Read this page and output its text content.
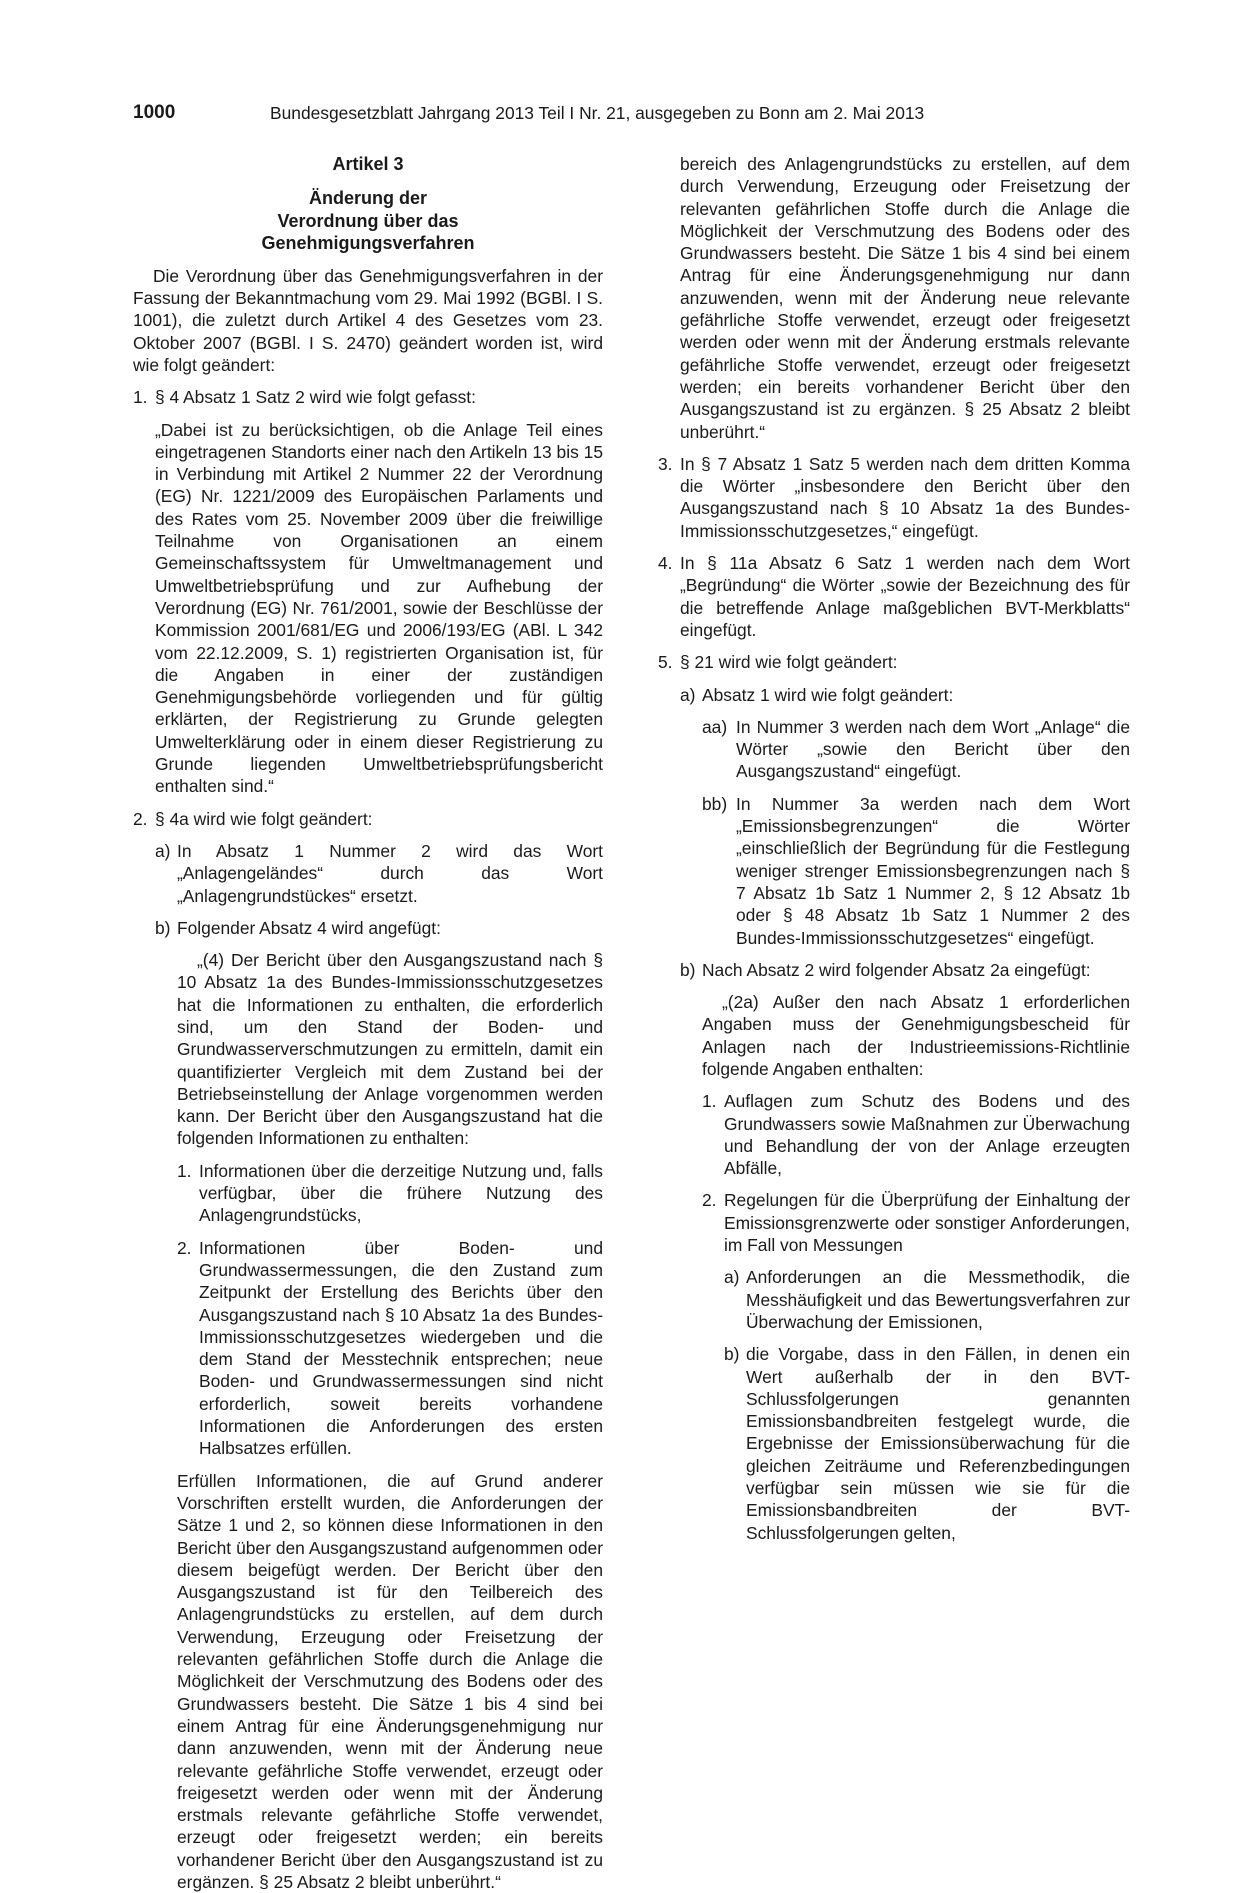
1000	Bundesgesetzblatt Jahrgang 2013 Teil I Nr. 21, ausgegeben zu Bonn am 2. Mai 2013

Artikel 3

Änderung der
Verordnung über das
Genehmigungsverfahren

Die Verordnung über das Genehmigungsverfahren in der Fassung der Bekanntmachung vom 29. Mai 1992 (BGBl. I S. 1001), die zuletzt durch Artikel 4 des Gesetzes vom 23. Oktober 2007 (BGBl. I S. 2470) geändert worden ist, wird wie folgt geändert:

1. § 4 Absatz 1 Satz 2 wird wie folgt gefasst:

„Dabei ist zu berücksichtigen, ob die Anlage Teil eines eingetragenen Standorts einer nach den Artikeln 13 bis 15 in Verbindung mit Artikel 2 Nummer 22 der Verordnung (EG) Nr. 1221/2009 des Europäischen Parlaments und des Rates vom 25. November 2009 über die freiwillige Teilnahme von Organisationen an einem Gemeinschaftssystem für Umweltmanagement und Umweltbetriebsprüfung und zur Aufhebung der Verordnung (EG) Nr. 761/2001, sowie der Beschlüsse der Kommission 2001/681/EG und 2006/193/EG (ABl. L 342 vom 22.12.2009, S. 1) registrierten Organisation ist, für die Angaben in einer der zuständigen Genehmigungsbehörde vorliegenden und für gültig erklärten, der Registrierung zu Grunde gelegten Umwelterklärung oder in einem dieser Registrierung zu Grunde liegenden Umweltbetriebsprüfungsbericht enthalten sind.“

2. § 4a wird wie folgt geändert:

a) In Absatz 1 Nummer 2 wird das Wort „Anlagengeländes“ durch das Wort „Anlagengrundstückes“ ersetzt.

b) Folgender Absatz 4 wird angefügt:

„(4) Der Bericht über den Ausgangszustand nach § 10 Absatz 1a des Bundes-Immissionsschutzgesetzes hat die Informationen zu enthalten, die erforderlich sind, um den Stand der Boden- und Grundwasserverschmutzungen zu ermitteln, damit ein quantifizierter Vergleich mit dem Zustand bei der Betriebseinstellung der Anlage vorgenommen werden kann. Der Bericht über den Ausgangszustand hat die folgenden Informationen zu enthalten:

1. Informationen über die derzeitige Nutzung und, falls verfügbar, über die frühere Nutzung des Anlagengrundstücks,

2. Informationen über Boden- und Grundwassermessungen, die den Zustand zum Zeitpunkt der Erstellung des Berichts über den Ausgangszustand nach § 10 Absatz 1a des Bundes-Immissionsschutzgesetzes wiedergeben und die dem Stand der Messtechnik entsprechen; neue Boden- und Grundwassermessungen sind nicht erforderlich, soweit bereits vorhandene Informationen die Anforderungen des ersten Halbsatzes erfüllen.

Erfüllen Informationen, die auf Grund anderer Vorschriften erstellt wurden, die Anforderungen der Sätze 1 und 2, so können diese Informationen in den Bericht über den Ausgangszustand aufgenommen oder diesem beigefügt werden. Der Bericht über den Ausgangszustand ist für den Teilbereich des Anlagengrundstücks zu erstellen, auf dem durch Verwendung, Erzeugung oder Freisetzung der relevanten gefährlichen Stoffe durch die Anlage die Möglichkeit der Verschmutzung des Bodens oder des Grundwassers besteht. Die Sätze 1 bis 4 sind bei einem Antrag für eine Änderungsgenehmigung nur dann anzuwenden, wenn mit der Änderung neue relevante gefährliche Stoffe verwendet, erzeugt oder freigesetzt werden oder wenn mit der Änderung erstmals relevante gefährliche Stoffe verwendet, erzeugt oder freigesetzt werden; ein bereits vorhandener Bericht über den Ausgangszustand ist zu ergänzen. § 25 Absatz 2 bleibt unberührt.“

bereich des Anlagengrundstücks zu erstellen, auf dem durch Verwendung, Erzeugung oder Freisetzung der relevanten gefährlichen Stoffe durch die Anlage die Möglichkeit der Verschmutzung des Bodens oder des Grundwassers besteht. Die Sätze 1 bis 4 sind bei einem Antrag für eine Änderungsgenehmigung nur dann anzuwenden, wenn mit der Änderung neue relevante gefährliche Stoffe verwendet, erzeugt oder freigesetzt werden oder wenn mit der Änderung erstmals relevante gefährliche Stoffe verwendet, erzeugt oder freigesetzt werden; ein bereits vorhandener Bericht über den Ausgangszustand ist zu ergänzen. § 25 Absatz 2 bleibt unberührt.“

3. In § 7 Absatz 1 Satz 5 werden nach dem dritten Komma die Wörter „insbesondere den Bericht über den Ausgangszustand nach § 10 Absatz 1a des Bundes-Immissionsschutzgesetzes,“ eingefügt.

4. In § 11a Absatz 6 Satz 1 werden nach dem Wort „Begründung“ die Wörter „sowie der Bezeichnung des für die betreffende Anlage maßgeblichen BVT-Merkblatts“ eingefügt.

5. § 21 wird wie folgt geändert:

a) Absatz 1 wird wie folgt geändert:

aa) In Nummer 3 werden nach dem Wort „Anlage“ die Wörter „sowie den Bericht über den Ausgangszustand“ eingefügt.

bb) In Nummer 3a werden nach dem Wort „Emissionsbegrenzungen“ die Wörter „einschließlich der Begründung für die Festlegung weniger strenger Emissionsbegrenzungen nach § 7 Absatz 1b Satz 1 Nummer 2, § 12 Absatz 1b oder § 48 Absatz 1b Satz 1 Nummer 2 des Bundes-Immissionsschutzgesetzes“ eingefügt.

b) Nach Absatz 2 wird folgender Absatz 2a eingefügt:

„(2a) Außer den nach Absatz 1 erforderlichen Angaben muss der Genehmigungsbescheid für Anlagen nach der Industrieemissions-Richtlinie folgende Angaben enthalten:

1. Auflagen zum Schutz des Bodens und des Grundwassers sowie Maßnahmen zur Überwachung und Behandlung der von der Anlage erzeugten Abfälle,

2. Regelungen für die Überprüfung der Einhaltung der Emissionsgrenzwerte oder sonstiger Anforderungen, im Fall von Messungen

a) Anforderungen an die Messmethodik, die Messhäufigkeit und das Bewertungsverfahren zur Überwachung der Emissionen,

b) die Vorgabe, dass in den Fällen, in denen ein Wert außerhalb der in den BVT-Schlussfolgerungen genannten Emissionsbandbreiten festgelegt wurde, die Ergebnisse der Emissionsüberwachung für die gleichen Zeiträume und Referenzbedingungen verfügbar sein müssen wie sie für die Emissionsbandbreiten der BVT-Schlussfolgerungen gelten,
